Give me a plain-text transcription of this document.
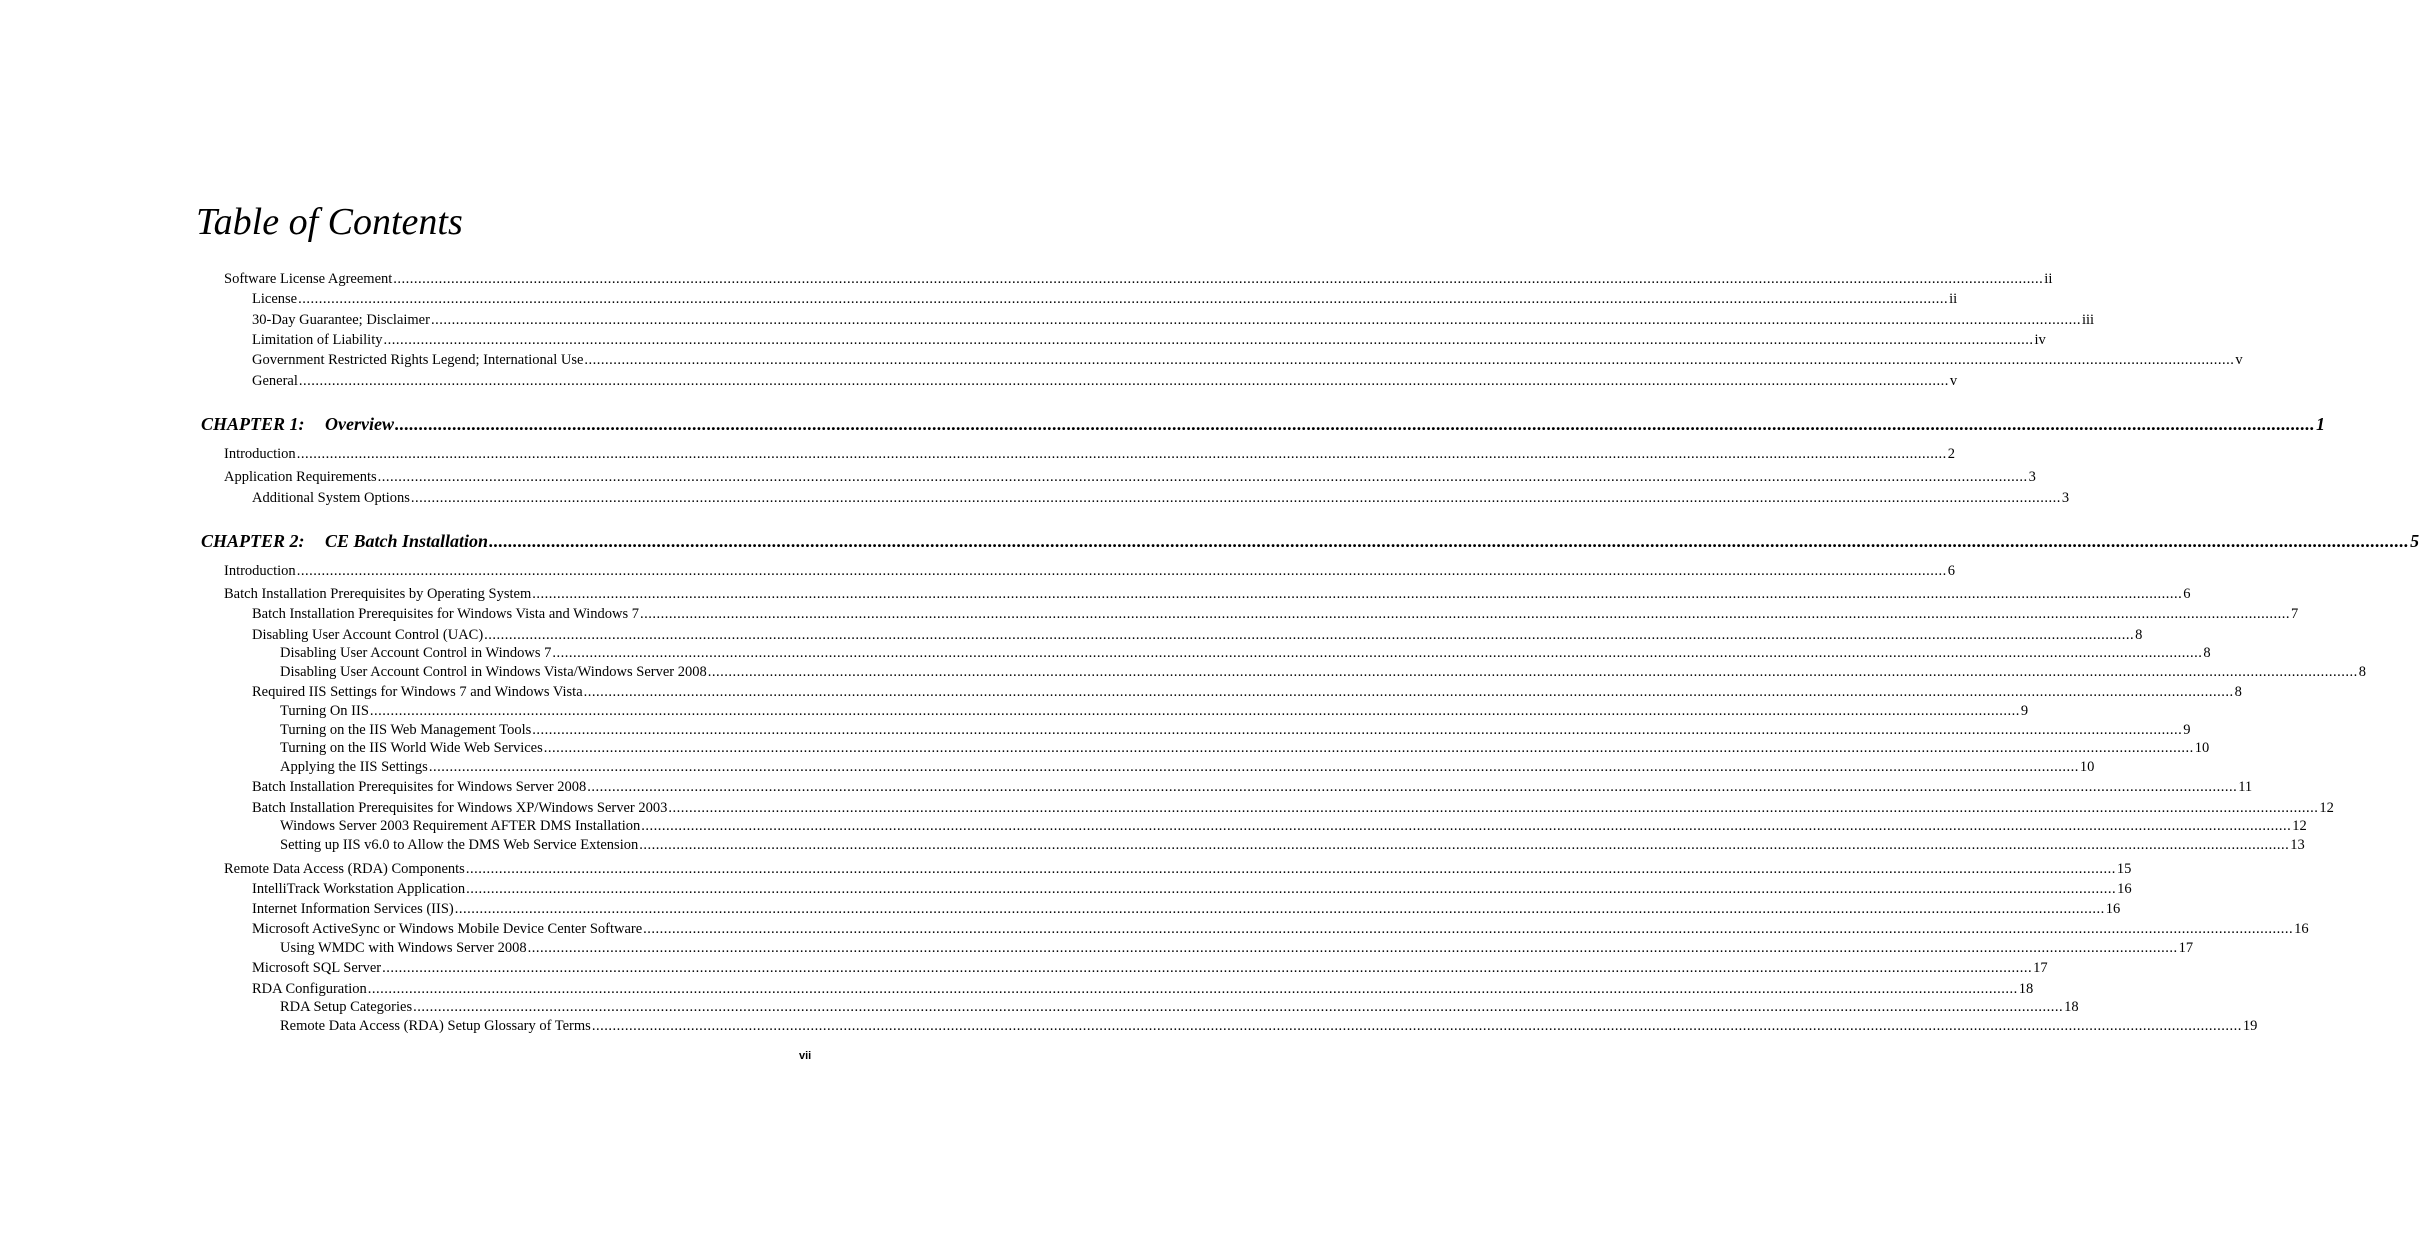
Table of Contents
Software License Agreement ................................................................................................................................................................................................................................................................................................................................................................................................................ ii
License ................................................................................................................................................................................................................................................................................................................................................................................................................ ii
30-Day Guarantee; Disclaimer ................................................................................................................................................................................................................................................................................................................................................................................................................ iii
Limitation of Liability ................................................................................................................................................................................................................................................................................................................................................................................................................ iv
Government Restricted Rights Legend; International Use ................................................................................................................................................................................................................................................................................................................................................................................................................ v
General ................................................................................................................................................................................................................................................................................................................................................................................................................ v
CHAPTER 1: Overview ................................................................................................................................................................................................................................................................................................................................................................................................................ 1
Introduction ................................................................................................................................................................................................................................................................................................................................................................................................................ 2
Application Requirements ................................................................................................................................................................................................................................................................................................................................................................................................................ 3
Additional System Options ................................................................................................................................................................................................................................................................................................................................................................................................................ 3
CHAPTER 2: CE Batch Installation ................................................................................................................................................................................................................................................................................................................................................................................................................ 5
Introduction ................................................................................................................................................................................................................................................................................................................................................................................................................ 6
Batch Installation Prerequisites by Operating System ................................................................................................................................................................................................................................................................................................................................................................................................................ 6
Batch Installation Prerequisites for Windows Vista and Windows 7 ................................................................................................................................................................................................................................................................................................................................................................................................................ 7
Disabling User Account Control (UAC) ................................................................................................................................................................................................................................................................................................................................................................................................................ 8
Disabling User Account Control in Windows 7 ................................................................................................................................................................................................................................................................................................................................................................................................................ 8
Disabling User Account Control in Windows Vista/Windows Server 2008 ................................................................................................................................................................................................................................................................................................................................................................................................................ 8
Required IIS Settings for Windows 7 and Windows Vista ................................................................................................................................................................................................................................................................................................................................................................................................................ 8
Turning On IIS ................................................................................................................................................................................................................................................................................................................................................................................................................ 9
Turning on the IIS Web Management Tools ................................................................................................................................................................................................................................................................................................................................................................................................................ 9
Turning on the IIS World Wide Web Services ................................................................................................................................................................................................................................................................................................................................................................................................................ 10
Applying the IIS Settings ................................................................................................................................................................................................................................................................................................................................................................................................................ 10
Batch Installation Prerequisites for Windows Server 2008 ................................................................................................................................................................................................................................................................................................................................................................................................................ 11
Batch Installation Prerequisites for Windows XP/Windows Server 2003 ................................................................................................................................................................................................................................................................................................................................................................................................................ 12
Windows Server 2003 Requirement AFTER DMS Installation ................................................................................................................................................................................................................................................................................................................................................................................................................ 12
Setting up IIS v6.0 to Allow the DMS Web Service Extension ................................................................................................................................................................................................................................................................................................................................................................................................................ 13
Remote Data Access (RDA) Components ................................................................................................................................................................................................................................................................................................................................................................................................................ 15
IntelliTrack Workstation Application ................................................................................................................................................................................................................................................................................................................................................................................................................ 16
Internet Information Services (IIS) ................................................................................................................................................................................................................................................................................................................................................................................................................ 16
Microsoft ActiveSync or Windows Mobile Device Center Software ................................................................................................................................................................................................................................................................................................................................................................................................................ 16
Using WMDC with Windows Server 2008 ................................................................................................................................................................................................................................................................................................................................................................................................................ 17
Microsoft SQL Server ................................................................................................................................................................................................................................................................................................................................................................................................................ 17
RDA Configuration ................................................................................................................................................................................................................................................................................................................................................................................................................ 18
RDA Setup Categories ................................................................................................................................................................................................................................................................................................................................................................................................................ 18
Remote Data Access (RDA) Setup Glossary of Terms ................................................................................................................................................................................................................................................................................................................................................................................................................ 19
vii
